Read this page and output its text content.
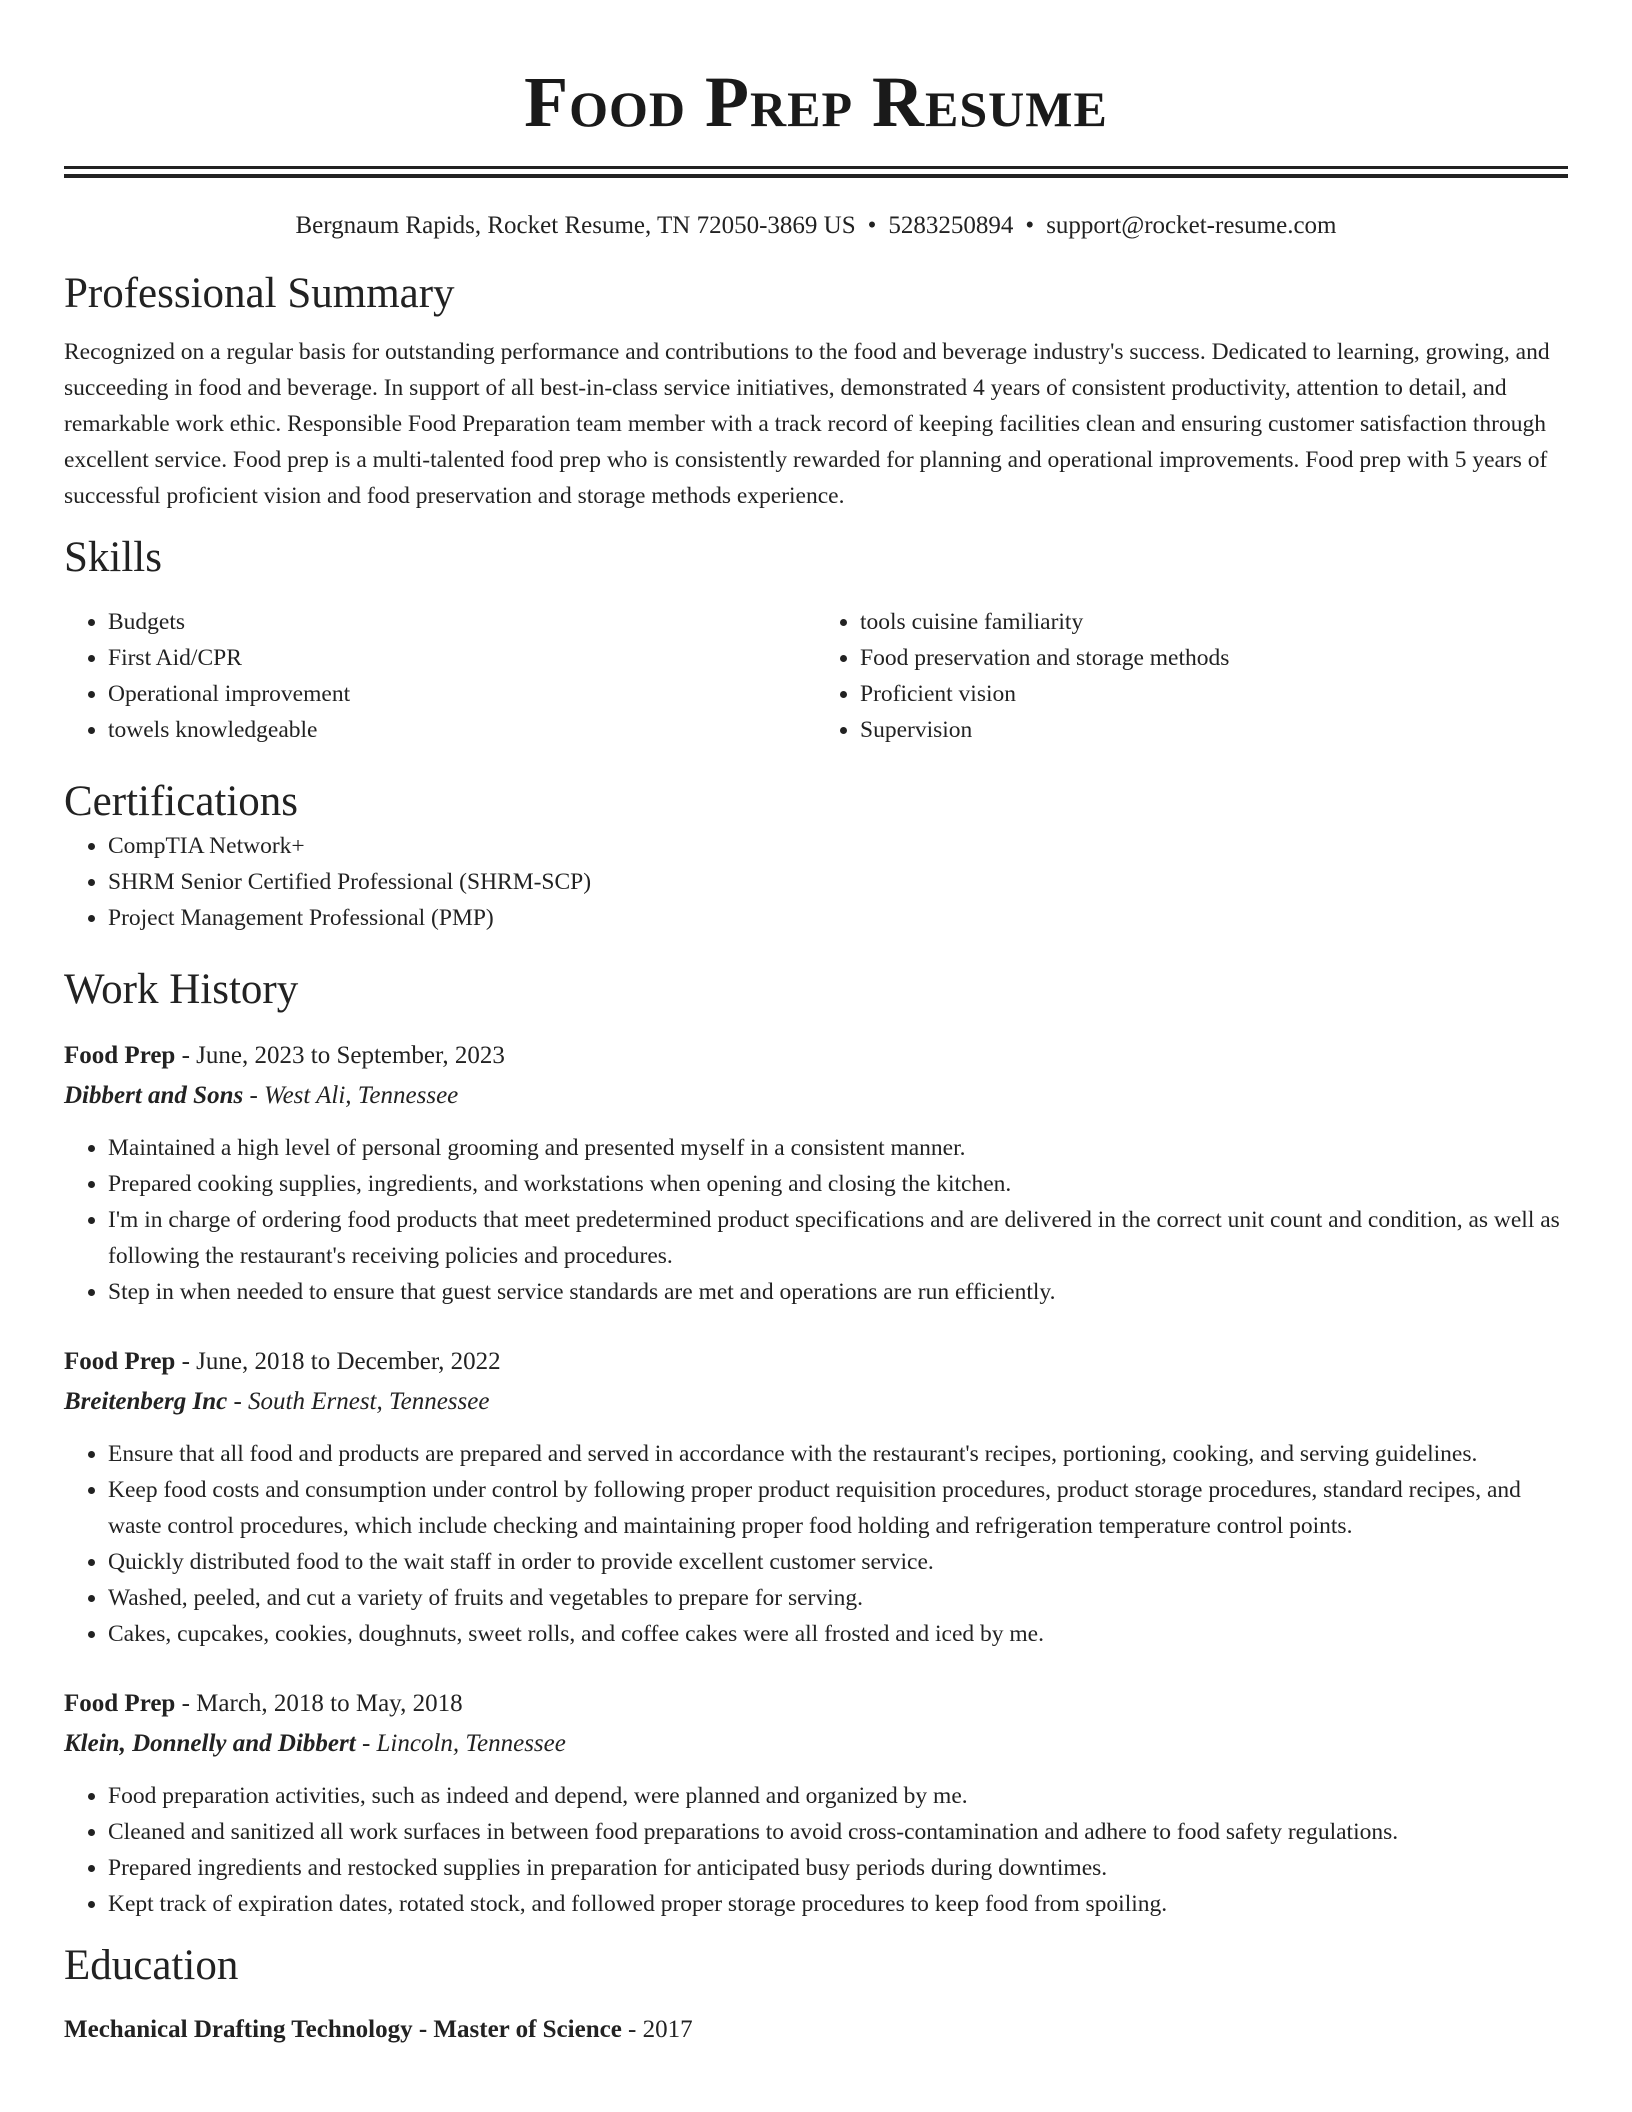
Food Prep Resume
Bergnaum Rapids, Rocket Resume, TN 72050-3869 US • 5283250894 • support@rocket-resume.com
Professional Summary

Recognized on a regular basis for outstanding performance and contributions to the food and beverage industry's success. Dedicated to learning, growing, and succeeding in food and beverage. In support of all best-in-class service initiatives, demonstrated 4 years of consistent productivity, attention to detail, and remarkable work ethic. Responsible Food Preparation team member with a track record of keeping facilities clean and ensuring customer satisfaction through excellent service. Food prep is a multi-talented food prep who is consistently rewarded for planning and operational improvements. Food prep with 5 years of successful proficient vision and food preservation and storage methods experience.

Skills
• Budgets
• First Aid/CPR
• Operational improvement
• towels knowledgeable
• tools cuisine familiarity
• Food preservation and storage methods
• Proficient vision
• Supervision
Certifications
• CompTIA Network+
• SHRM Senior Certified Professional (SHRM-SCP)
• Project Management Professional (PMP)
Work History
Food Prep - June, 2023 to September, 2023
Dibbert and Sons - West Ali, Tennessee
• Maintained a high level of personal grooming and presented myself in a consistent manner.
• Prepared cooking supplies, ingredients, and workstations when opening and closing the kitchen.
• I'm in charge of ordering food products that meet predetermined product specifications and are delivered in the correct unit count and condition, as well as following the restaurant's receiving policies and procedures.
• Step in when needed to ensure that guest service standards are met and operations are run efficiently.
Food Prep - June, 2018 to December, 2022
Breitenberg Inc - South Ernest, Tennessee
• Ensure that all food and products are prepared and served in accordance with the restaurant's recipes, portioning, cooking, and serving guidelines.
• Keep food costs and consumption under control by following proper product requisition procedures, product storage procedures, standard recipes, and waste control procedures, which include checking and maintaining proper food holding and refrigeration temperature control points.
• Quickly distributed food to the wait staff in order to provide excellent customer service.
• Washed, peeled, and cut a variety of fruits and vegetables to prepare for serving.
• Cakes, cupcakes, cookies, doughnuts, sweet rolls, and coffee cakes were all frosted and iced by me.
Food Prep - March, 2018 to May, 2018
Klein, Donnelly and Dibbert - Lincoln, Tennessee
• Food preparation activities, such as indeed and depend, were planned and organized by me.
• Cleaned and sanitized all work surfaces in between food preparations to avoid cross-contamination and adhere to food safety regulations.
• Prepared ingredients and restocked supplies in preparation for anticipated busy periods during downtimes.
• Kept track of expiration dates, rotated stock, and followed proper storage procedures to keep food from spoiling.
Education
Mechanical Drafting Technology - Master of Science - 2017
